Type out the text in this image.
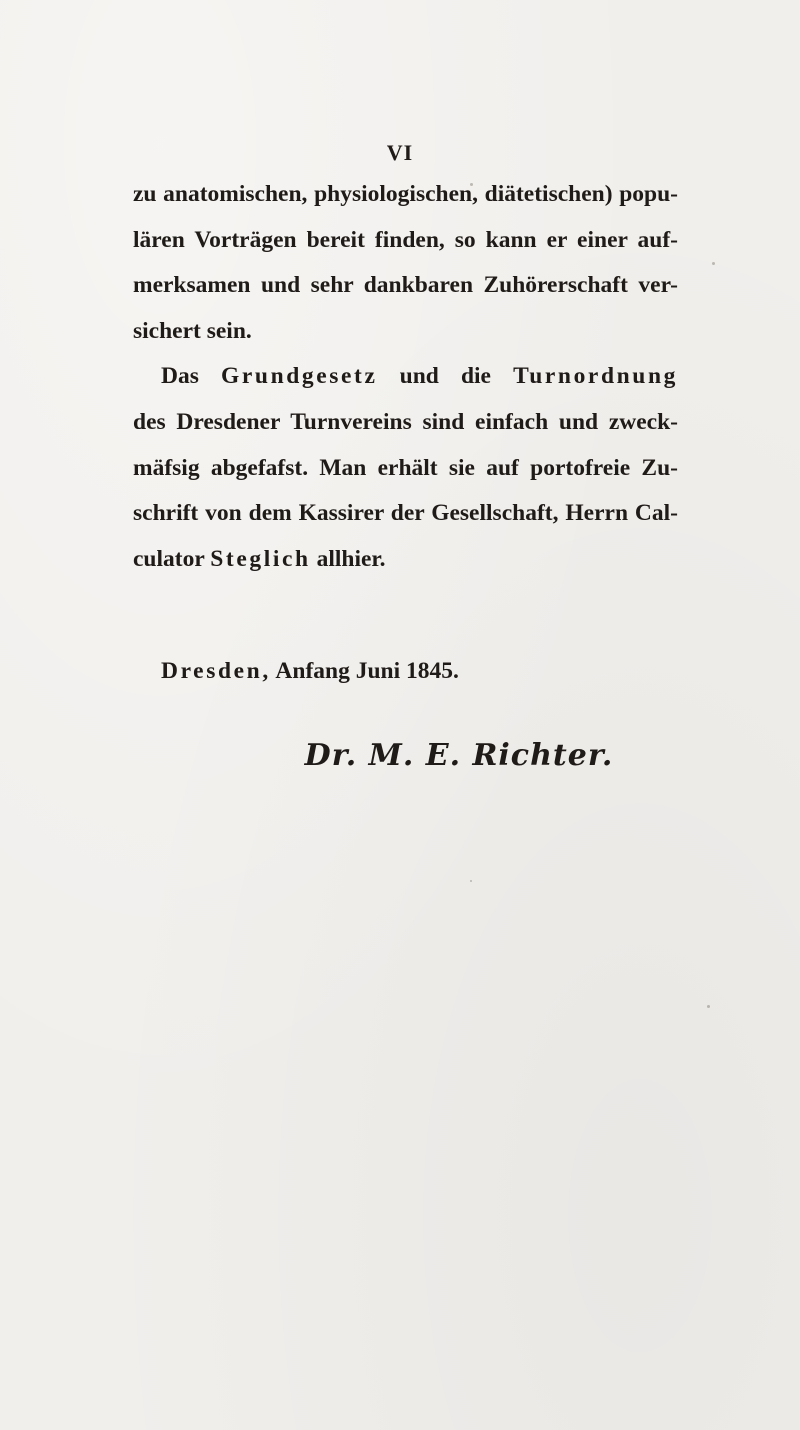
VI
zu anatomischen, physiologischen, diätetischen) popu-
lären Vorträgen bereit finden, so kann er einer auf-
merksamen und sehr dankbaren Zuhörerschaft ver-
sichert sein.
Das Grundgesetz und die Turnordnung
des Dresdener Turnvereins sind einfach und zweck-
mäfsig abgefafst. Man erhält sie auf portofreie Zu-
schrift von dem Kassirer der Gesellschaft, Herrn Cal-
culator Steglich allhier.
Dresden, Anfang Juni 1845.
Dr. M. E. Richter.
